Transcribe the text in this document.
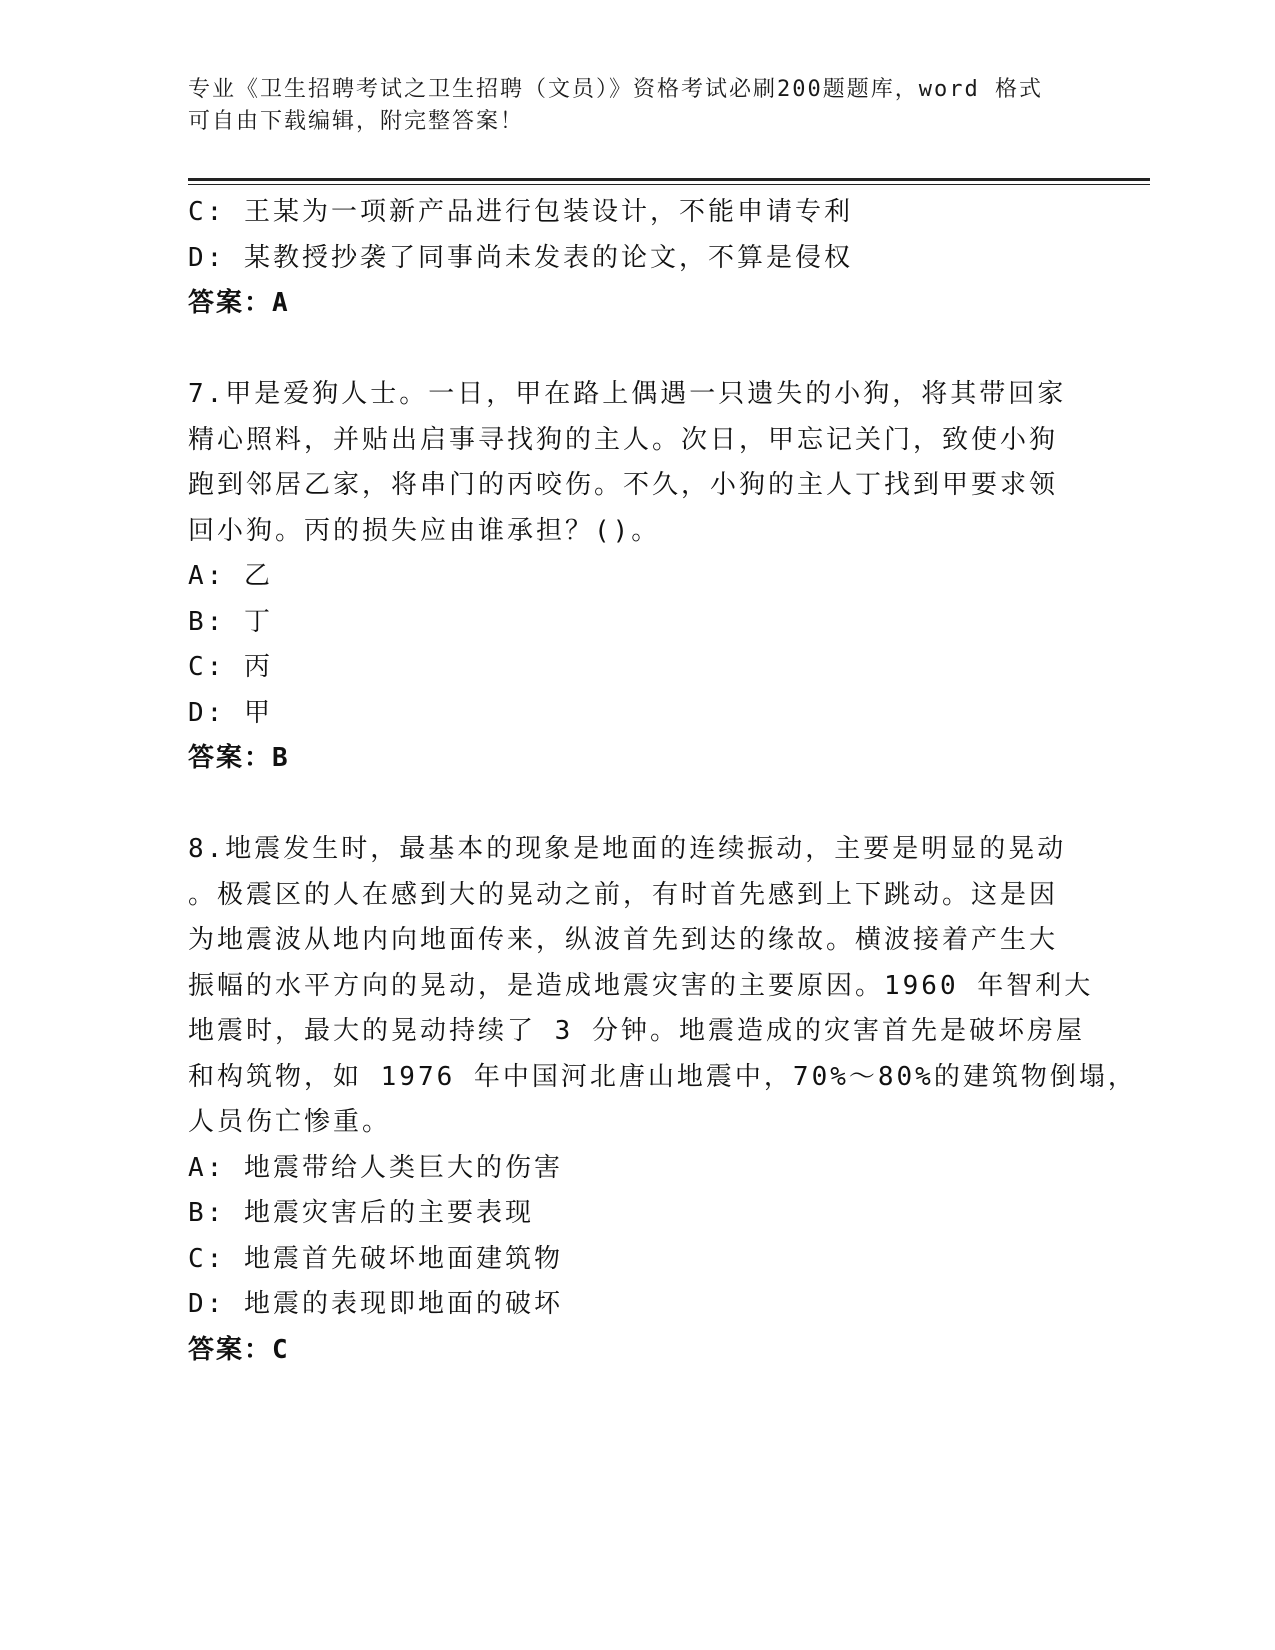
专业《卫生招聘考试之卫生招聘（文员）》资格考试必刷200题题库，word 格式
可自由下载编辑，附完整答案！
C: 王某为一项新产品进行包装设计，不能申请专利
D: 某教授抄袭了同事尚未发表的论文，不算是侵权
答案：A
7.甲是爱狗人士。一日，甲在路上偶遇一只遗失的小狗，将其带回家
精心照料，并贴出启事寻找狗的主人。次日，甲忘记关门，致使小狗
跑到邻居乙家，将串门的丙咬伤。不久，小狗的主人丁找到甲要求领
回小狗。丙的损失应由谁承担？()。
A: 乙
B: 丁
C: 丙
D: 甲
答案：B
8.地震发生时，最基本的现象是地面的连续振动，主要是明显的晃动
。极震区的人在感到大的晃动之前，有时首先感到上下跳动。这是因
为地震波从地内向地面传来，纵波首先到达的缘故。横波接着产生大
振幅的水平方向的晃动，是造成地震灾害的主要原因。1960 年智利大
地震时，最大的晃动持续了 3 分钟。地震造成的灾害首先是破坏房屋
和构筑物，如 1976 年中国河北唐山地震中，70%～80%的建筑物倒塌，
人员伤亡惨重。
A: 地震带给人类巨大的伤害
B: 地震灾害后的主要表现
C: 地震首先破坏地面建筑物
D: 地震的表现即地面的破坏
答案：C
